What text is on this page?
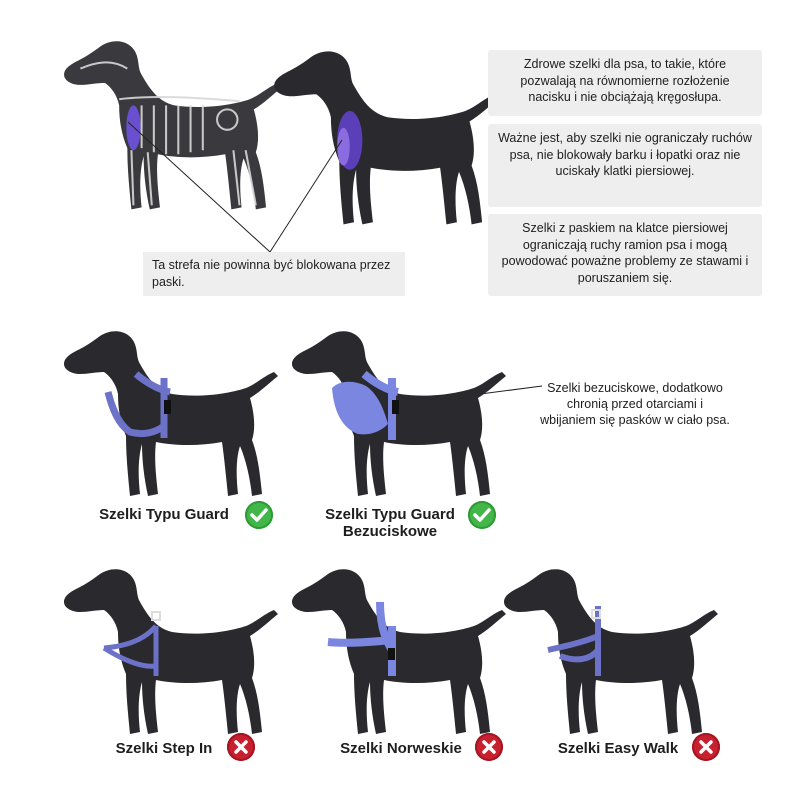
Zdrowe szelki dla psa, to takie, które pozwalają na równomierne rozłożenie nacisku i nie obciążają kręgosłupa.
Ważne jest, aby szelki nie ograniczały ruchów psa, nie blokowały barku i łopatki oraz nie uciskały klatki piersiowej.
Szelki z paskiem na klatce piersiowej ograniczają ruchy ramion psa i mogą powodować poważne problemy ze stawami i poruszaniem się.
Ta strefa nie powinna być blokowana przez paski.
Szelki bezuciskowe, dodatkowo chronią przed otarciami i wbijaniem się pasków w ciało psa.
Szelki Typu Guard	Szelki Typu Guard
Bezuciskowe
Szelki Step In	Szelki Norweskie	Szelki Easy Walk
